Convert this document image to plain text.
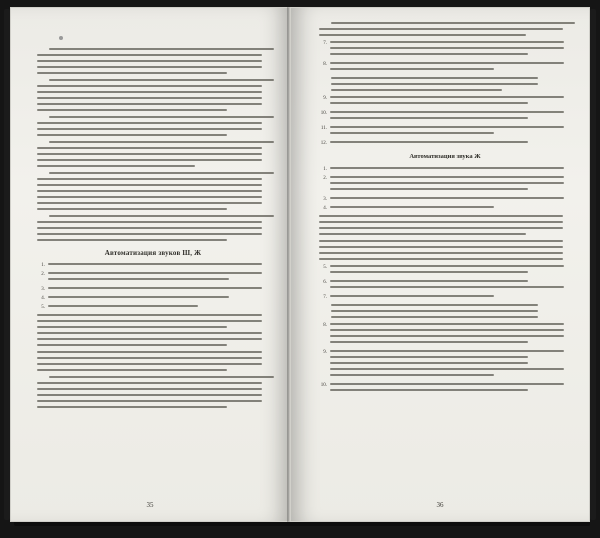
Автоматизация звуков Ш, Ж
1.
2.
3.
4.
5.
35
7.
8.
9.
10.
11.
12.
Автоматизация звука Ж
1.
2.
3.
4.
5.
6.
7.
8.
9.
10.
36
